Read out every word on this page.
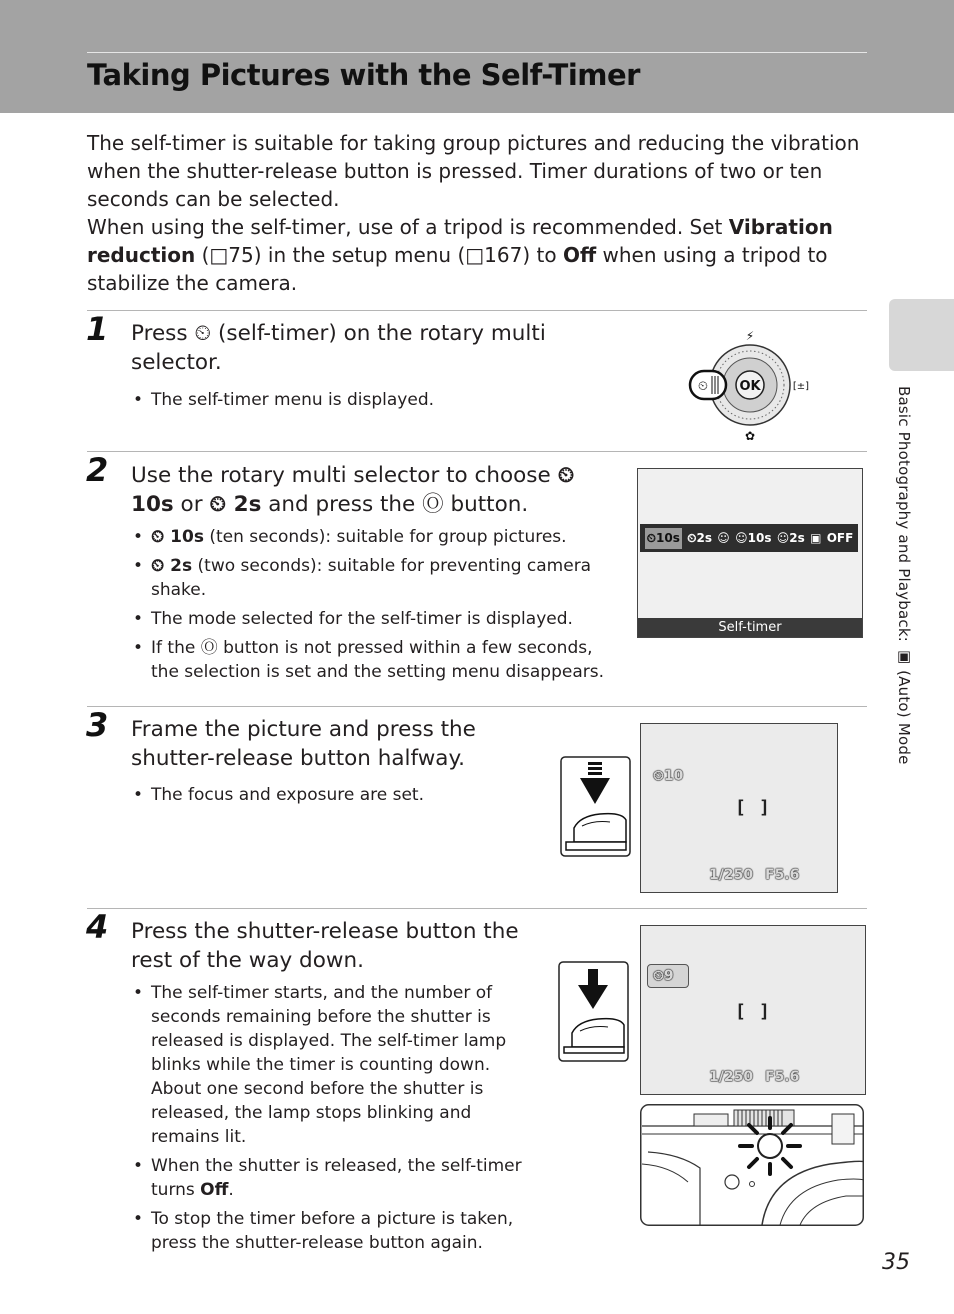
Taking Pictures with the Self-Timer

The self-timer is suitable for taking group pictures and reducing the vibration when the shutter-release button is pressed. Timer durations of two or ten seconds can be selected.

When using the self-timer, use of a tripod is recommended. Set Vibration reduction (□75) in the setup menu (□167) to Off when using a tripod to stabilize the camera.

Basic Photography and Playback: ▣ (Auto) Mode
1 Press ⏲ (self-timer) on the rotary multi selector.

• The self-timer menu is displayed.
OK
⚡
✿
[±]
⏲
2 Use the rotary multi selector to choose ⏲ 10s or ⏲ 2s and press the Ⓞ button.

• ⏲ 10s (ten seconds): suitable for group pictures.
• ⏲ 2s (two seconds): suitable for preventing camera shake.
• The mode selected for the self-timer is displayed.
• If the Ⓞ button is not pressed within a few seconds, the selection is set and the setting menu disappears.
⏲10s ⏲2s ☺ ☺10s ☺2s ▣ OFF
Self-timer
3 Frame the picture and press the shutter-release button halfway.

• The focus and exposure are set.
⏲10
[ ]
1/250 F5.6
4 Press the shutter-release button the rest of the way down.

• The self-timer starts, and the number of seconds remaining before the shutter is released is displayed. The self-timer lamp blinks while the timer is counting down. About one second before the shutter is released, the lamp stops blinking and remains lit.
• When the shutter is released, the self-timer turns Off.
• To stop the timer before a picture is taken, press the shutter-release button again.
⏲9
[ ]
1/250 F5.6
35
